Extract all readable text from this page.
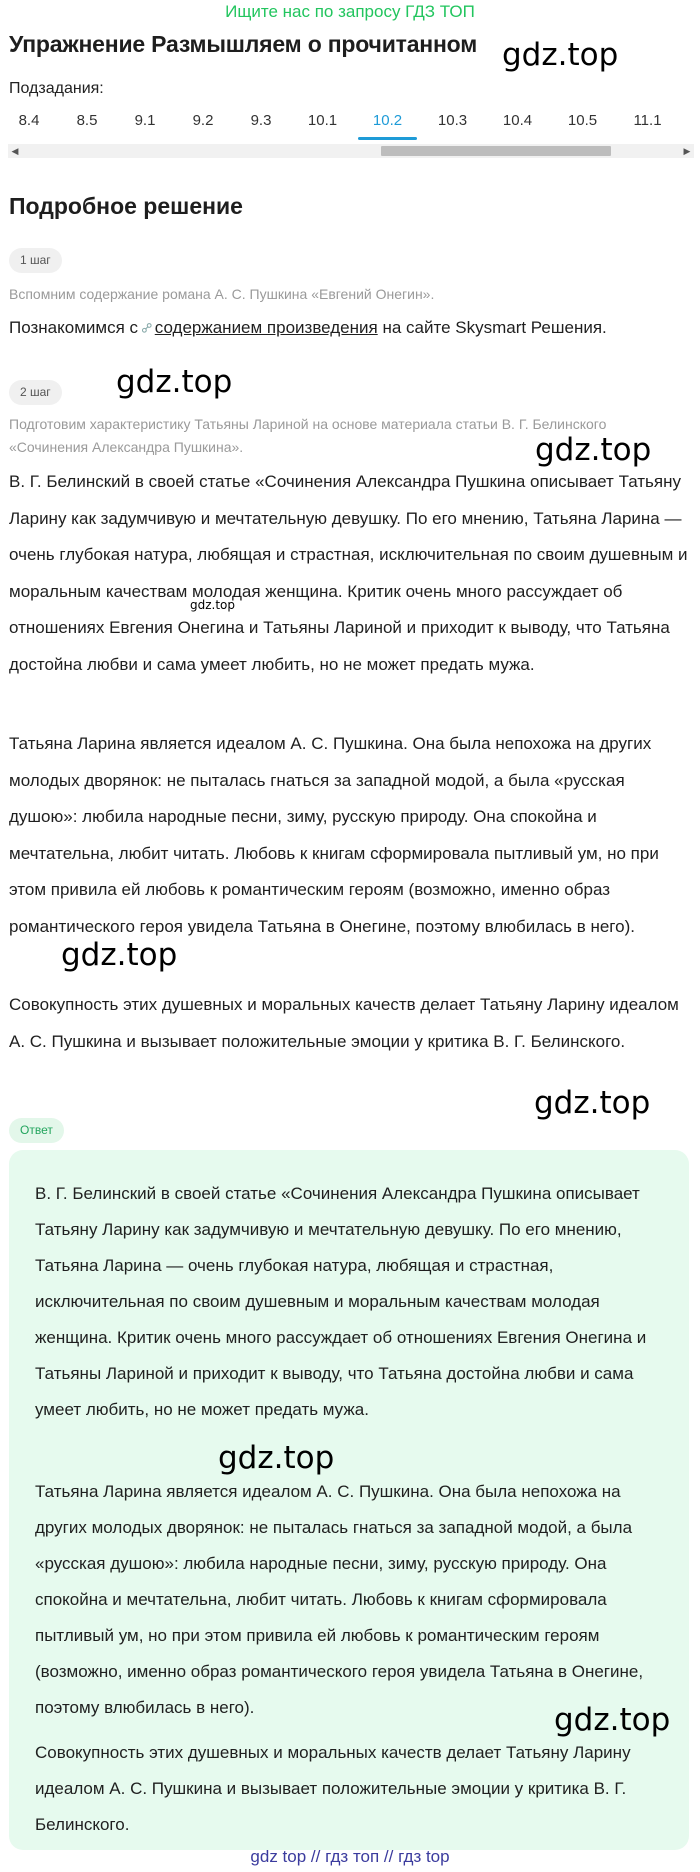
Ищите нас по запросу ГДЗ ТОП
Упражнение Размышляем о прочитанном gdz.top
Подзадания:
8.4	8.5	9.1	9.2	9.3	10.1	10.2	10.3	10.4	10.5	11.1
◀	▶
Подробное решение
1 шаг
Вспомним содержание романа А. С. Пушкина «Евгений Онегин».
Познакомимся с⚯содержанием произведения на сайте Skysmart Решения.
2 шаг	gdz.top
Подготовим характеристику Татьяны Лариной на основе материала статьи В. Г. Белинского «Сочинения Александра Пушкина».	gdz.top
В. Г. Белинский в своей статье «Сочинения Александра Пушкина описывает Татьяну Ларину как задумчивую и мечтательную девушку. По его мнению, Татьяна Ларина — очень глубокая натура, любящая и страстная, исключительная по своим душевным и моральным качествам молодая женщина. Критик очень много рассуждает об отношениях Евгения Онегина и Татьяны Лариной и приходит к выводу, что Татьяна достойна любви и сама умеет любить, но не может предать мужа.
gdz.top
Татьяна Ларина является идеалом А. С. Пушкина. Она была непохожа на других молодых дворянок: не пыталась гнаться за западной модой, а была «русская душою»: любила народные песни, зиму, русскую природу. Она спокойна и мечтательна, любит читать. Любовь к книгам сформировала пытливый ум, но при этом привила ей любовь к романтическим героям (возможно, именно образ романтического героя увидела Татьяна в Онегине, поэтому влюбилась в него).
gdz.top
Совокупность этих душевных и моральных качеств делает Татьяну Ларину идеалом А. С. Пушкина и вызывает положительные эмоции у критика В. Г. Белинского.
gdz.top
Ответ
В. Г. Белинский в своей статье «Сочинения Александра Пушкина описывает Татьяну Ларину как задумчивую и мечтательную девушку. По его мнению, Татьяна Ларина — очень глубокая натура, любящая и страстная, исключительная по своим душевным и моральным качествам молодая женщина. Критик очень много рассуждает об отношениях Евгения Онегина и Татьяны Лариной и приходит к выводу, что Татьяна достойна любви и сама умеет любить, но не может предать мужа.
gdz.top
Татьяна Ларина является идеалом А. С. Пушкина. Она была непохожа на других молодых дворянок: не пыталась гнаться за западной модой, а была «русская душою»: любила народные песни, зиму, русскую природу. Она спокойна и мечтательна, любит читать. Любовь к книгам сформировала пытливый ум, но при этом привила ей любовь к романтическим героям (возможно, именно образ романтического героя увидела Татьяна в Онегине, поэтому влюбилась в него).	gdz.top
Совокупность этих душевных и моральных качеств делает Татьяну Ларину идеалом А. С. Пушкина и вызывает положительные эмоции у критика В. Г. Белинского.
gdz top // гдз топ // гдз top
